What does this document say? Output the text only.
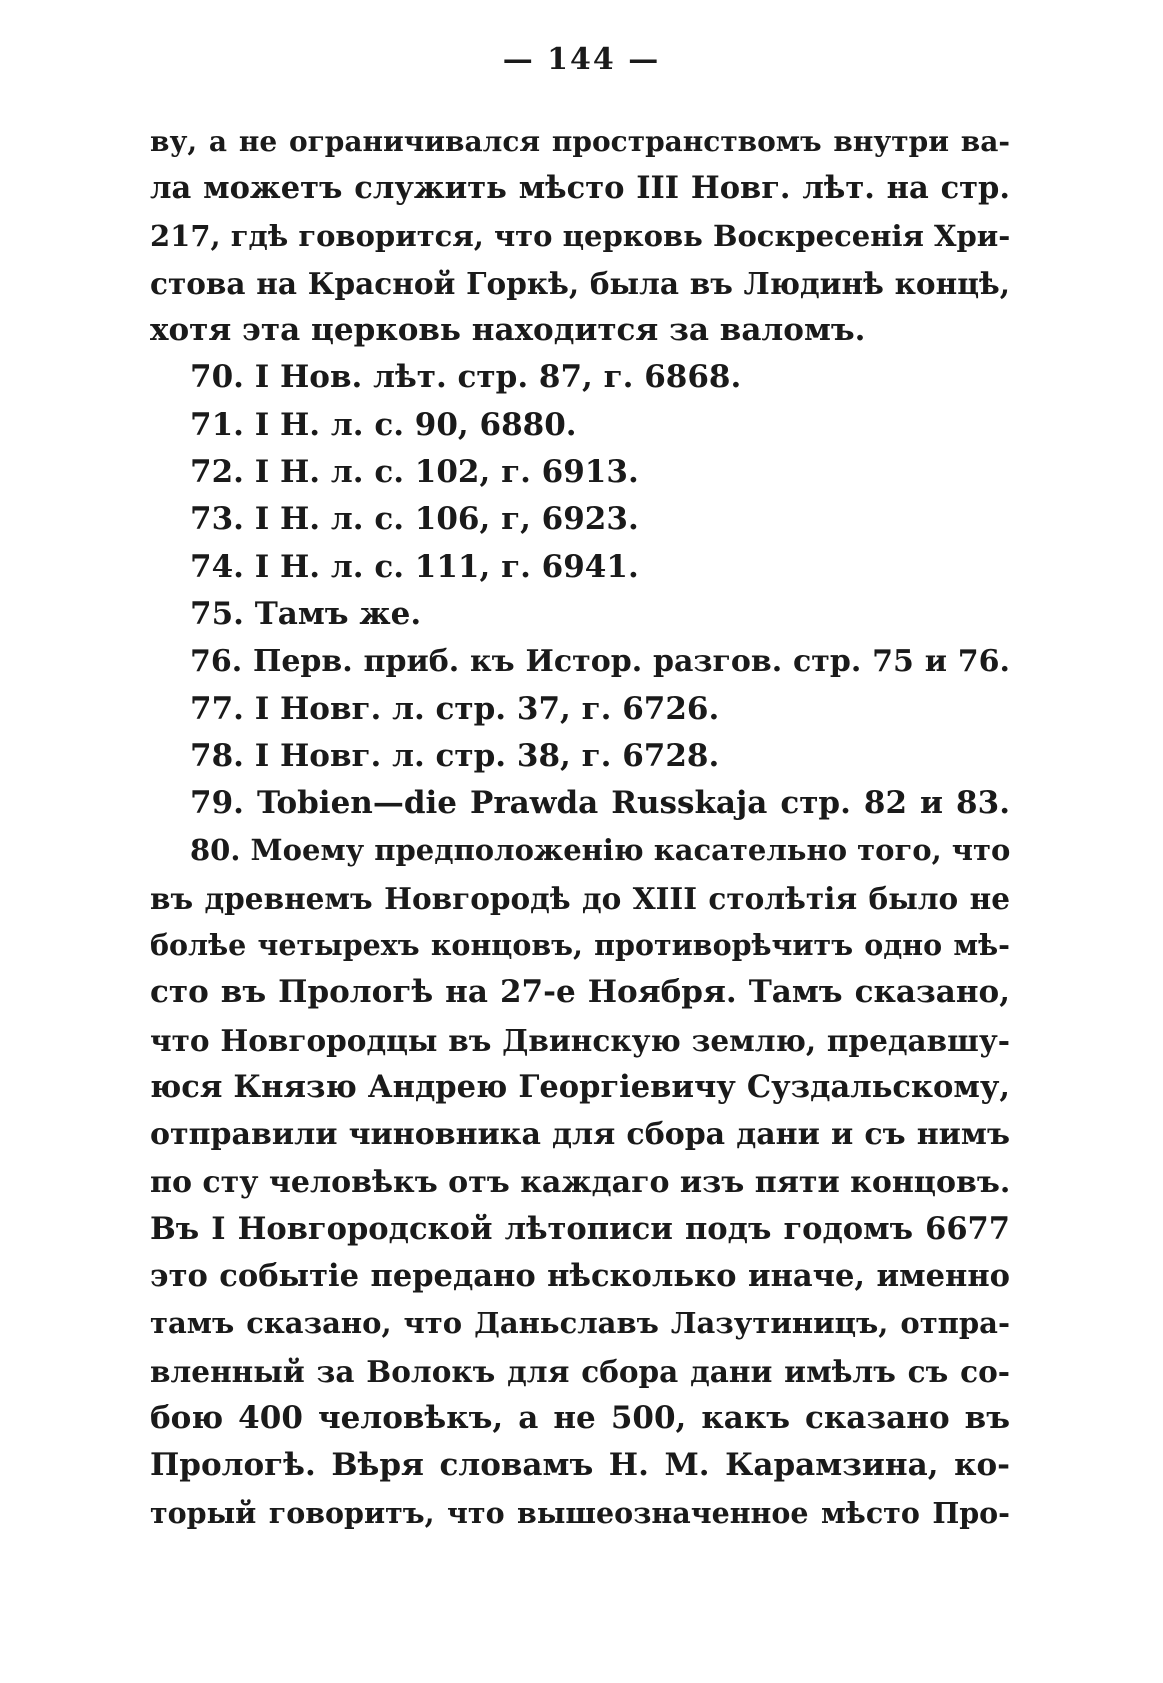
— 144 —
ву, а не ограничивался пространствомъ внутри ва-
ла можетъ служить мѣсто III Новг. лѣт. на стр.
217, гдѣ говорится, что церковь Воскресенія Хри-
стова на Красной Горкѣ, была въ Людинѣ концѣ,
хотя эта церковь находится за валомъ.
70. I Нов. лѣт. стр. 87, г. 6868.
71. I Н. л. с. 90, 6880.
72. I Н. л. с. 102, г. 6913.
73. I Н. л. с. 106, г, 6923.
74. I Н. л. с. 111, г. 6941.
75. Тамъ же.
76. Перв. приб. къ Истор. разгов. стр. 75 и 76.
77. I Новг. л. стр. 37, г. 6726.
78. I Новг. л. стр. 38, г. 6728.
79. Tobien—die Prawda Russkaja стр. 82 и 83.
80. Моему предположенію касательно того, что
въ древнемъ Новгородѣ до XIII столѣтія было не
болѣе четырехъ концовъ, противорѣчитъ одно мѣ-
сто въ Прологѣ на 27-е Ноября. Тамъ сказано,
что Новгородцы въ Двинскую землю, предавшу-
юся Князю Андрею Георгіевичу Суздальскому,
отправили чиновника для сбора дани и съ нимъ
по сту человѣкъ отъ каждаго изъ пяти концовъ.
Въ I Новгородской лѣтописи подъ годомъ 6677
это событіе передано нѣсколько иначе, именно
тамъ сказано, что Даньславъ Лазутиницъ, отпра-
вленный за Волокъ для сбора дани имѣлъ съ со-
бою 400 человѣкъ, а не 500, какъ сказано въ
Прологѣ. Вѣря словамъ Н. М. Карамзина, ко-
торый говоритъ, что вышеозначенное мѣсто Про-
